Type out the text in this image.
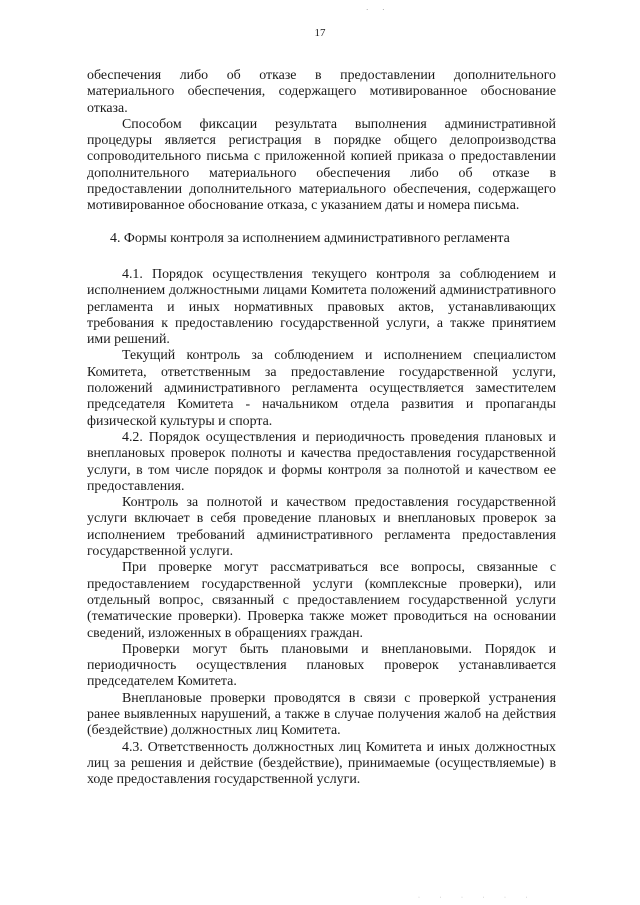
· ·
17

обеспечения либо об отказе в предоставлении дополнительного материального обеспечения, содержащего мотивированное обоснование отказа.

Способом фиксации результата выполнения административной процедуры является регистрация в порядке общего делопроизводства сопроводительного письма с приложенной копией приказа о предоставлении дополнительного материального обеспечения либо об отказе в предоставлении дополнительного материального обеспечения, содержащего мотивированное обоснование отказа, с указанием даты и номера письма.

4. Формы контроля за исполнением административного регламента

4.1. Порядок осуществления текущего контроля за соблюдением и исполнением должностными лицами Комитета положений административного регламента и иных нормативных правовых актов, устанавливающих требования к предоставлению государственной услуги, а также принятием ими решений.

Текущий контроль за соблюдением и исполнением специалистом Комитета, ответственным за предоставление государственной услуги, положений административного регламента осуществляется заместителем председателя Комитета - начальником отдела развития и пропаганды физической культуры и спорта.

4.2. Порядок осуществления и периодичность проведения плановых и внеплановых проверок полноты и качества предоставления государственной услуги, в том числе порядок и формы контроля за полнотой и качеством ее предоставления.

Контроль за полнотой и качеством предоставления государственной услуги включает в себя проведение плановых и внеплановых проверок за исполнением требований административного регламента предоставления государственной услуги.

При проверке могут рассматриваться все вопросы, связанные с предоставлением государственной услуги (комплексные проверки), или отдельный вопрос, связанный с предоставлением государственной услуги (тематические проверки). Проверка также может проводиться на основании сведений, изложенных в обращениях граждан.

Проверки могут быть плановыми и внеплановыми. Порядок и периодичность осуществления плановых проверок устанавливается председателем Комитета.

Внеплановые проверки проводятся в связи с проверкой устранения ранее выявленных нарушений, а также в случае получения жалоб на действия (бездействие) должностных лиц Комитета.

4.3. Ответственность должностных лиц Комитета и иных должностных лиц за решения и действие (бездействие), принимаемые (осуществляемые) в ходе предоставления государственной услуги.

· · · · · ·
